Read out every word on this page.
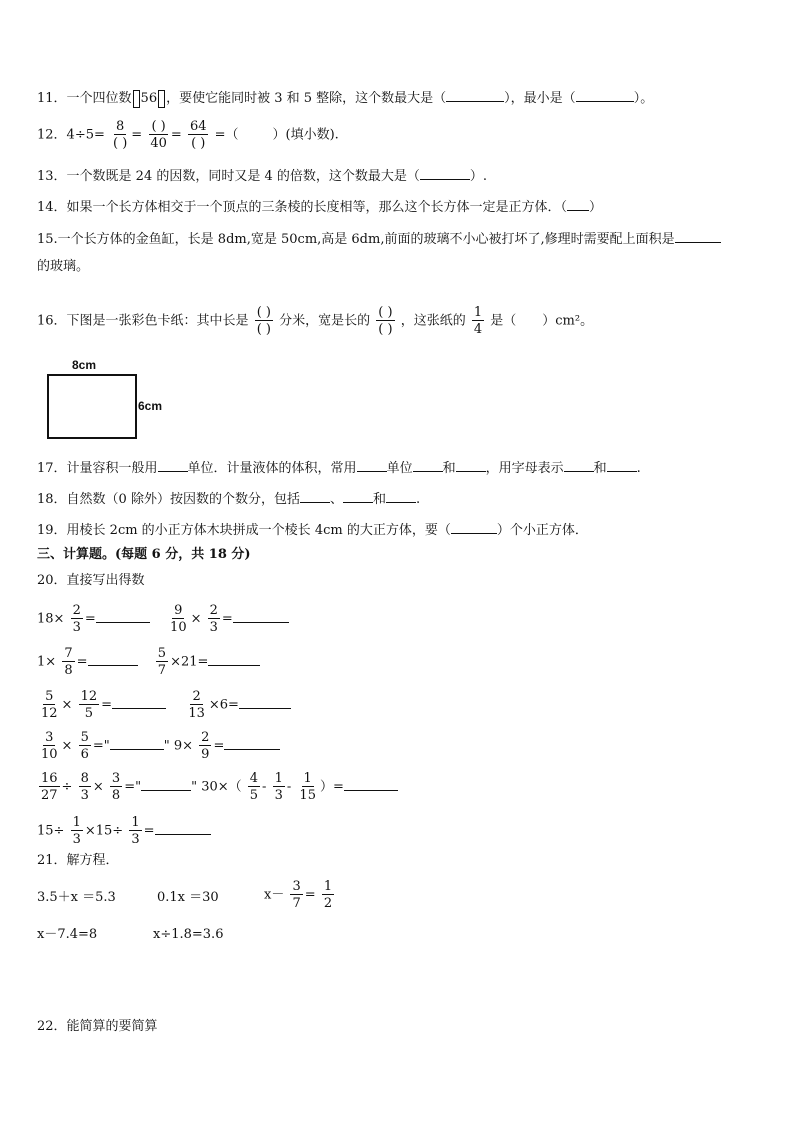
11．一个四位数 56 ，要使它能同时被 3 和 5 整除，这个数最大是（	），最小是（	）。
12．$4\div 5= \frac{8}{( )} = \frac{( )}{40} = \frac{64}{( )}$ =（	）(填小数).
13．一个数既是 24 的因数，同时又是 4 的倍数，这个数最大是（	）.
14．如果一个长方体相交于一个顶点的三条棱的长度相等，那么这个长方体一定是正方体．（ ）
15.一个长方体的金鱼缸，长是 8dm,宽是 50cm,高是 6dm,前面的玻璃不小心被打坏了,修理时需要配上面积是
的玻璃。
16．下图是一张彩色卡纸：其中长是 $\frac{( )}{( )}$ 分米，宽是长的 $\frac{( )}{( )}$ ，这张纸的 $\frac{1}{4}$ 是（ ）cm²。
8cm
6cm
17．计量容积一般用 单位．计量液体的体积，常用 单位 和 ，用字母表示 和 .
18．自然数（0 除外）按因数的个数分，包括 、 和 .
19．用棱长 2cm 的小正方体木块拼成一个棱长 4cm 的大正方体，要（	）个小正方体．
三、计算题。(每题 6 分，共 18 分)
20．直接写出得数
$18\times \frac{2}{3}$ =	$\frac{9}{10} \times \frac{2}{3}$ =
$1\times \frac{7}{8}$ =	$\frac{5}{7} \times 21=$
$\frac{5}{12} \times \frac{12}{5}$ =	$\frac{2}{13} \times 6=$
$\frac{3}{10} \times \frac{5}{6}$ ="	" $9\times \frac{2}{9}$ =
$\frac{16}{27} \div \frac{8}{3} \times \frac{3}{8}$ ="	" $30\times( \frac{4}{5} - \frac{1}{3} - \frac{1}{15}$ ）=
$15\div \frac{1}{3} \times 15\div \frac{1}{3}$ =
21．解方程．
3.5＋x ＝5.3	0.1x ＝30	$x- \frac{3}{7} = \frac{1}{2}$
x－7.4=8	x÷1.8=3.6
22．能简算的要简算
